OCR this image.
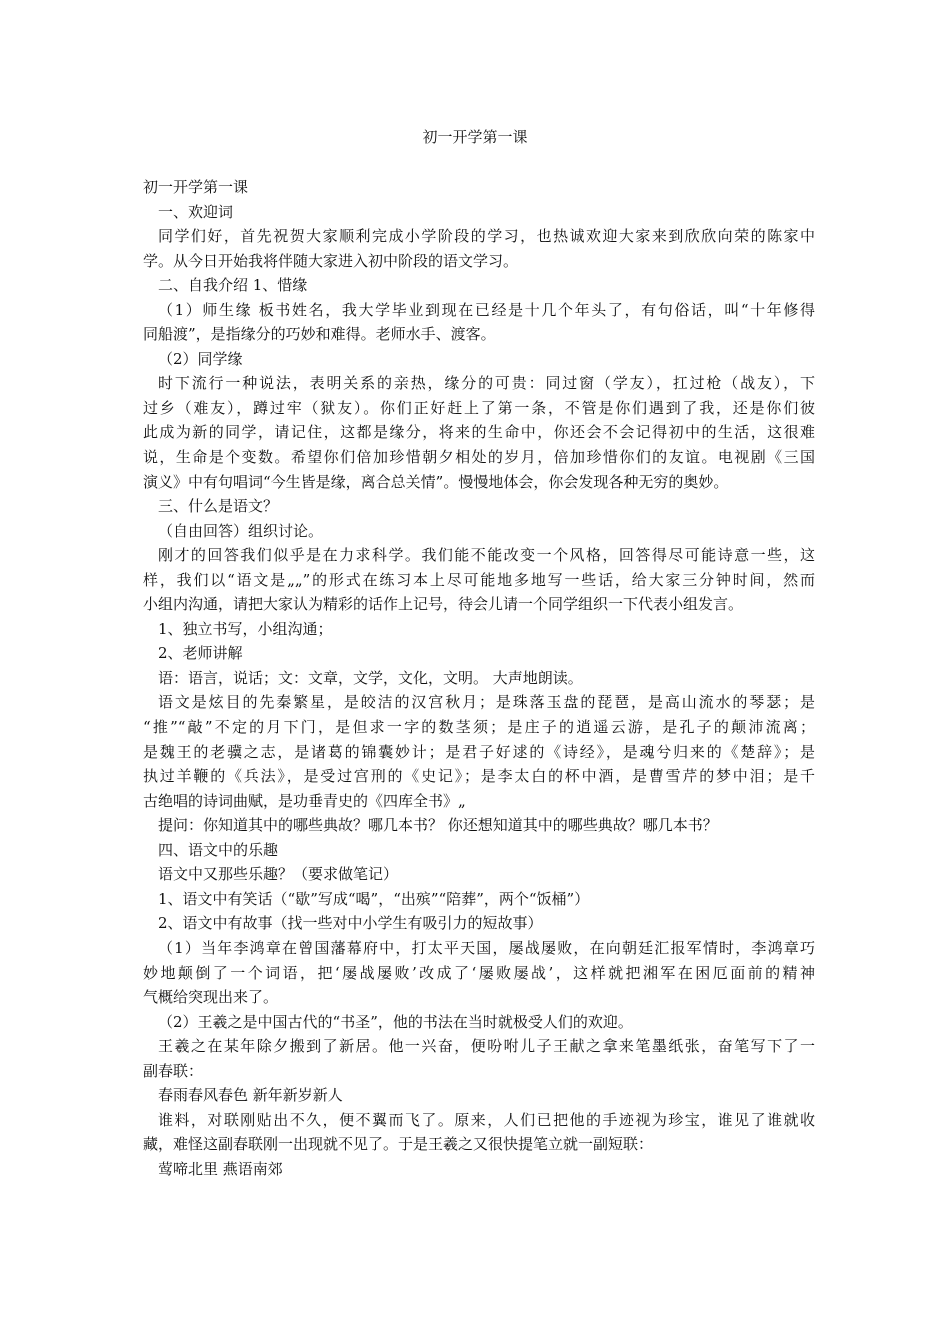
初一开学第一课

初一开学第一课

一、欢迎词

同学们好，首先祝贺大家顺利完成小学阶段的学习，也热诚欢迎大家来到欣欣向荣的陈家中

学。从今日开始我将伴随大家进入初中阶段的语文学习。

二、自我介绍 1、惜缘

（1）师生缘 板书姓名，我大学毕业到现在已经是十几个年头了，有句俗话，叫“十年修得

同船渡”，是指缘分的巧妙和难得。老师水手、渡客。

（2）同学缘

时下流行一种说法，表明关系的亲热，缘分的可贵：同过窗（学友），扛过枪（战友），下

过乡（难友），蹲过牢（狱友）。你们正好赶上了第一条，不管是你们遇到了我，还是你们彼

此成为新的同学，请记住，这都是缘分，将来的生命中，你还会不会记得初中的生活，这很难

说，生命是个变数。希望你们倍加珍惜朝夕相处的岁月，倍加珍惜你们的友谊。电视剧《三国

演义》中有句唱词“今生皆是缘，离合总关情”。慢慢地体会，你会发现各种无穷的奥妙。

三、什么是语文？

（自由回答）组织讨论。

刚才的回答我们似乎是在力求科学。我们能不能改变一个风格，回答得尽可能诗意一些，这

样，我们以“语文是„„”的形式在练习本上尽可能地多地写一些话，给大家三分钟时间，然而

小组内沟通，请把大家认为精彩的话作上记号，待会儿请一个同学组织一下代表小组发言。

1、独立书写，小组沟通；

2、老师讲解

语：语言，说话；文：文章，文学，文化，文明。 大声地朗读。

语文是炫目的先秦繁星，是皎洁的汉宫秋月；是珠落玉盘的琵琶，是高山流水的琴瑟；是

“推”“敲”不定的月下门，是但求一字的数茎须；是庄子的逍遥云游，是孔子的颠沛流离；

是魏王的老骥之志，是诸葛的锦囊妙计；是君子好逑的《诗经》，是魂兮归来的《楚辞》；是

执过羊鞭的《兵法》，是受过宫刑的《史记》；是李太白的杯中酒，是曹雪芹的梦中泪；是千

古绝唱的诗词曲赋，是功垂青史的《四库全书》„

提问：你知道其中的哪些典故？哪几本书？ 你还想知道其中的哪些典故？哪几本书？

四、语文中的乐趣

语文中又那些乐趣？（要求做笔记）

1、语文中有笑话（“歇”写成“喝”，“出殡”“陪葬”，两个“饭桶”）

2、语文中有故事（找一些对中小学生有吸引力的短故事）

（1）当年李鸿章在曾国藩幕府中，打太平天国，屡战屡败，在向朝廷汇报军情时，李鸿章巧

妙地颠倒了一个词语，把‘屡战屡败’改成了‘屡败屡战’，这样就把湘军在困厄面前的精神

气概给突现出来了。

（2）王羲之是中国古代的“书圣”，他的书法在当时就极受人们的欢迎。

王羲之在某年除夕搬到了新居。他一兴奋，便吩咐儿子王献之拿来笔墨纸张，奋笔写下了一

副春联：

春雨春风春色 新年新岁新人

谁料，对联刚贴出不久，便不翼而飞了。原来，人们已把他的手迹视为珍宝，谁见了谁就收

藏，难怪这副春联刚一出现就不见了。于是王羲之又很快提笔立就一副短联：

莺啼北里 燕语南郊
